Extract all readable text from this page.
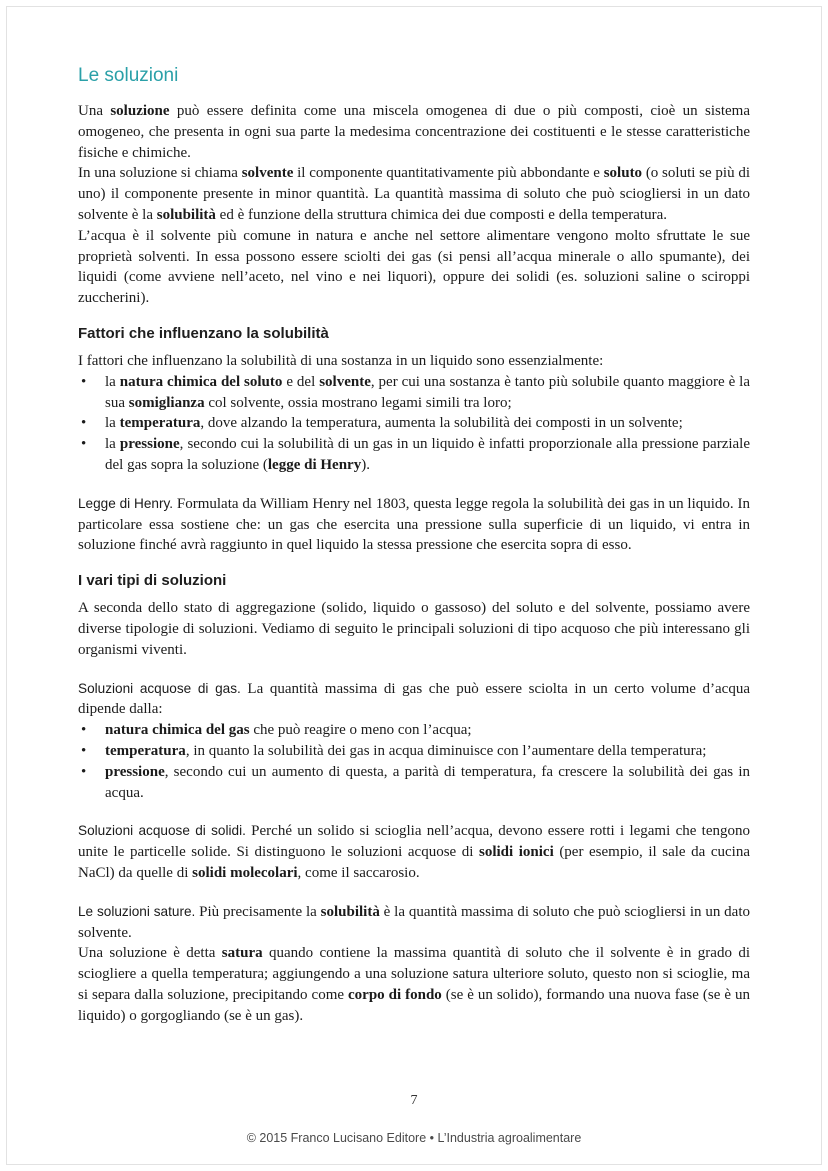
Le soluzioni

Una soluzione può essere definita come una miscela omogenea di due o più composti, cioè un sistema omogeneo, che presenta in ogni sua parte la medesima concentrazione dei costituenti e le stesse caratteristiche fisiche e chimiche.

In una soluzione si chiama solvente il componente quantitativamente più abbondante e soluto (o soluti se più di uno) il componente presente in minor quantità. La quantità massima di soluto che può sciogliersi in un dato solvente è la solubilità ed è funzione della struttura chimica dei due composti e della temperatura.

L’acqua è il solvente più comune in natura e anche nel settore alimentare vengono molto sfruttate le sue proprietà solventi. In essa possono essere sciolti dei gas (si pensi all’acqua minerale o allo spumante), dei liquidi (come avviene nell’aceto, nel vino e nei liquori), oppure dei solidi (es. soluzioni saline o sciroppi zuccherini).

Fattori che influenzano la solubilità

I fattori che influenzano la solubilità di una sostanza in un liquido sono essenzialmente:

• la natura chimica del soluto e del solvente, per cui una sostanza è tanto più solubile quanto maggiore è la sua somiglianza col solvente, ossia mostrano legami simili tra loro;
• la temperatura, dove alzando la temperatura, aumenta la solubilità dei composti in un solvente;
• la pressione, secondo cui la solubilità di un gas in un liquido è infatti proporzionale alla pressione parziale del gas sopra la soluzione (legge di Henry).

Legge di Henry. Formulata da William Henry nel 1803, questa legge regola la solubilità dei gas in un liquido. In particolare essa sostiene che: un gas che esercita una pressione sulla superficie di un liquido, vi entra in soluzione finché avrà raggiunto in quel liquido la stessa pressione che esercita sopra di esso.

I vari tipi di soluzioni

A seconda dello stato di aggregazione (solido, liquido o gassoso) del soluto e del solvente, possiamo avere diverse tipologie di soluzioni. Vediamo di seguito le principali soluzioni di tipo acquoso che più interessano gli organismi viventi.

Soluzioni acquose di gas. La quantità massima di gas che può essere sciolta in un certo volume d’acqua dipende dalla:

• natura chimica del gas che può reagire o meno con l’acqua;
• temperatura, in quanto la solubilità dei gas in acqua diminuisce con l’aumentare della temperatura;
• pressione, secondo cui un aumento di questa, a parità di temperatura, fa crescere la solubilità dei gas in acqua.

Soluzioni acquose di solidi. Perché un solido si scioglia nell’acqua, devono essere rotti i legami che tengono unite le particelle solide. Si distinguono le soluzioni acquose di solidi ionici (per esempio, il sale da cucina NaCl) da quelle di solidi molecolari, come il saccarosio.

Le soluzioni sature. Più precisamente la solubilità è la quantità massima di soluto che può sciogliersi in un dato solvente.

Una soluzione è detta satura quando contiene la massima quantità di soluto che il solvente è in grado di sciogliere a quella temperatura; aggiungendo a una soluzione satura ulteriore soluto, questo non si scioglie, ma si separa dalla soluzione, precipitando come corpo di fondo (se è un solido), formando una nuova fase (se è un liquido) o gorgogliando (se è un gas).

7
© 2015 Franco Lucisano Editore • L’Industria agroalimentare
